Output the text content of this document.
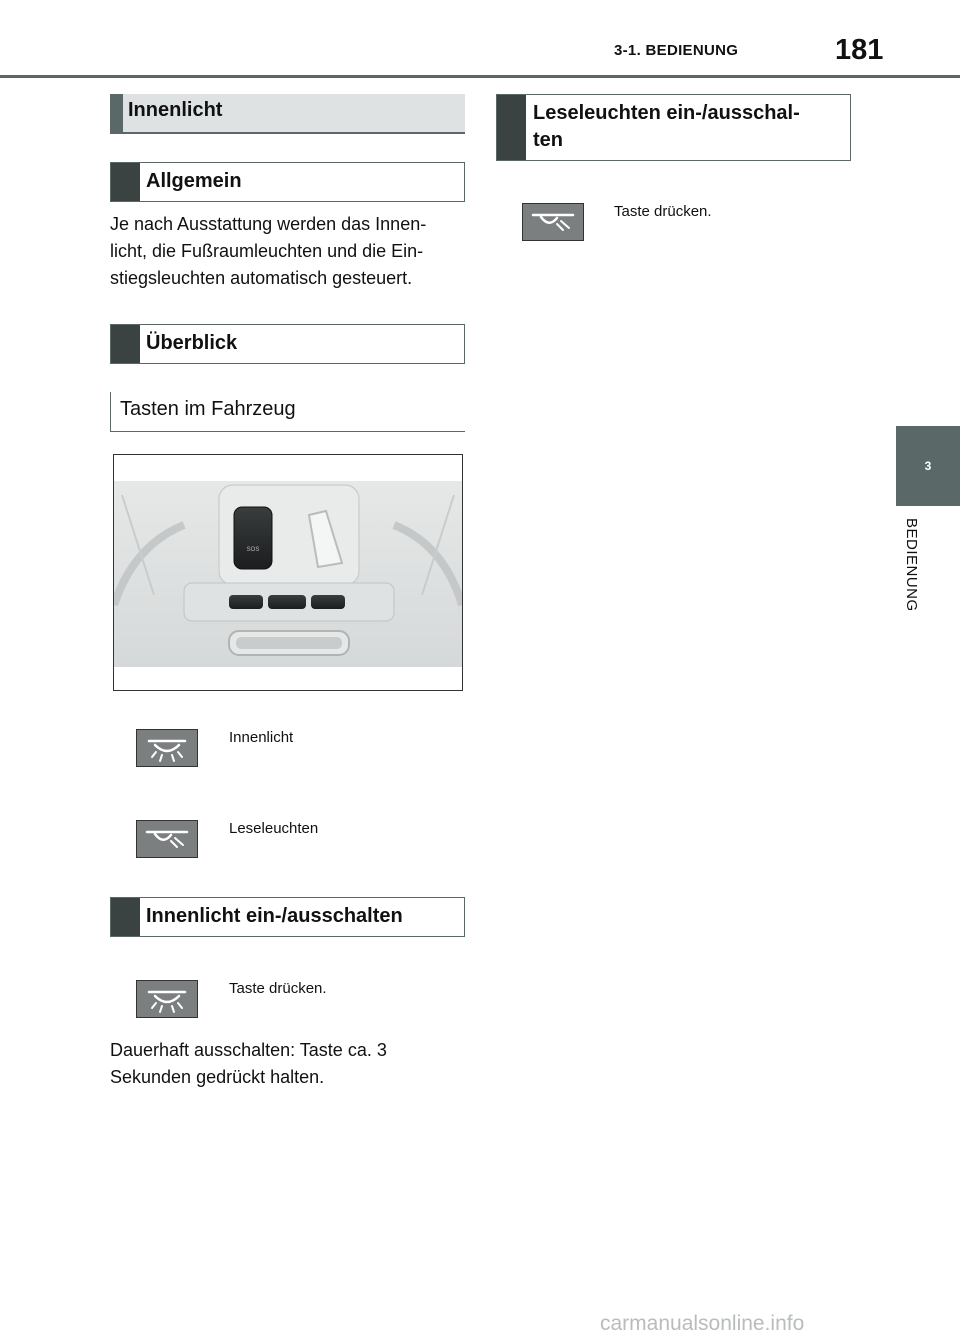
3-1. BEDIENUNG	181
3
BEDIENUNG
Innenlicht
Allgemein
Je nach Ausstattung werden das Innen-
licht, die Fußraumleuchten und die Ein-
stiegsleuchten automatisch gesteuert.
Überblick
Tasten im Fahrzeug
SOS
Innenlicht
Leseleuchten
Innenlicht ein-/ausschalten
Taste drücken.
Dauerhaft ausschalten: Taste ca. 3
Sekunden gedrückt halten.
Leseleuchten ein-/ausschal-
ten
Taste drücken.
carmanualsonline.info
